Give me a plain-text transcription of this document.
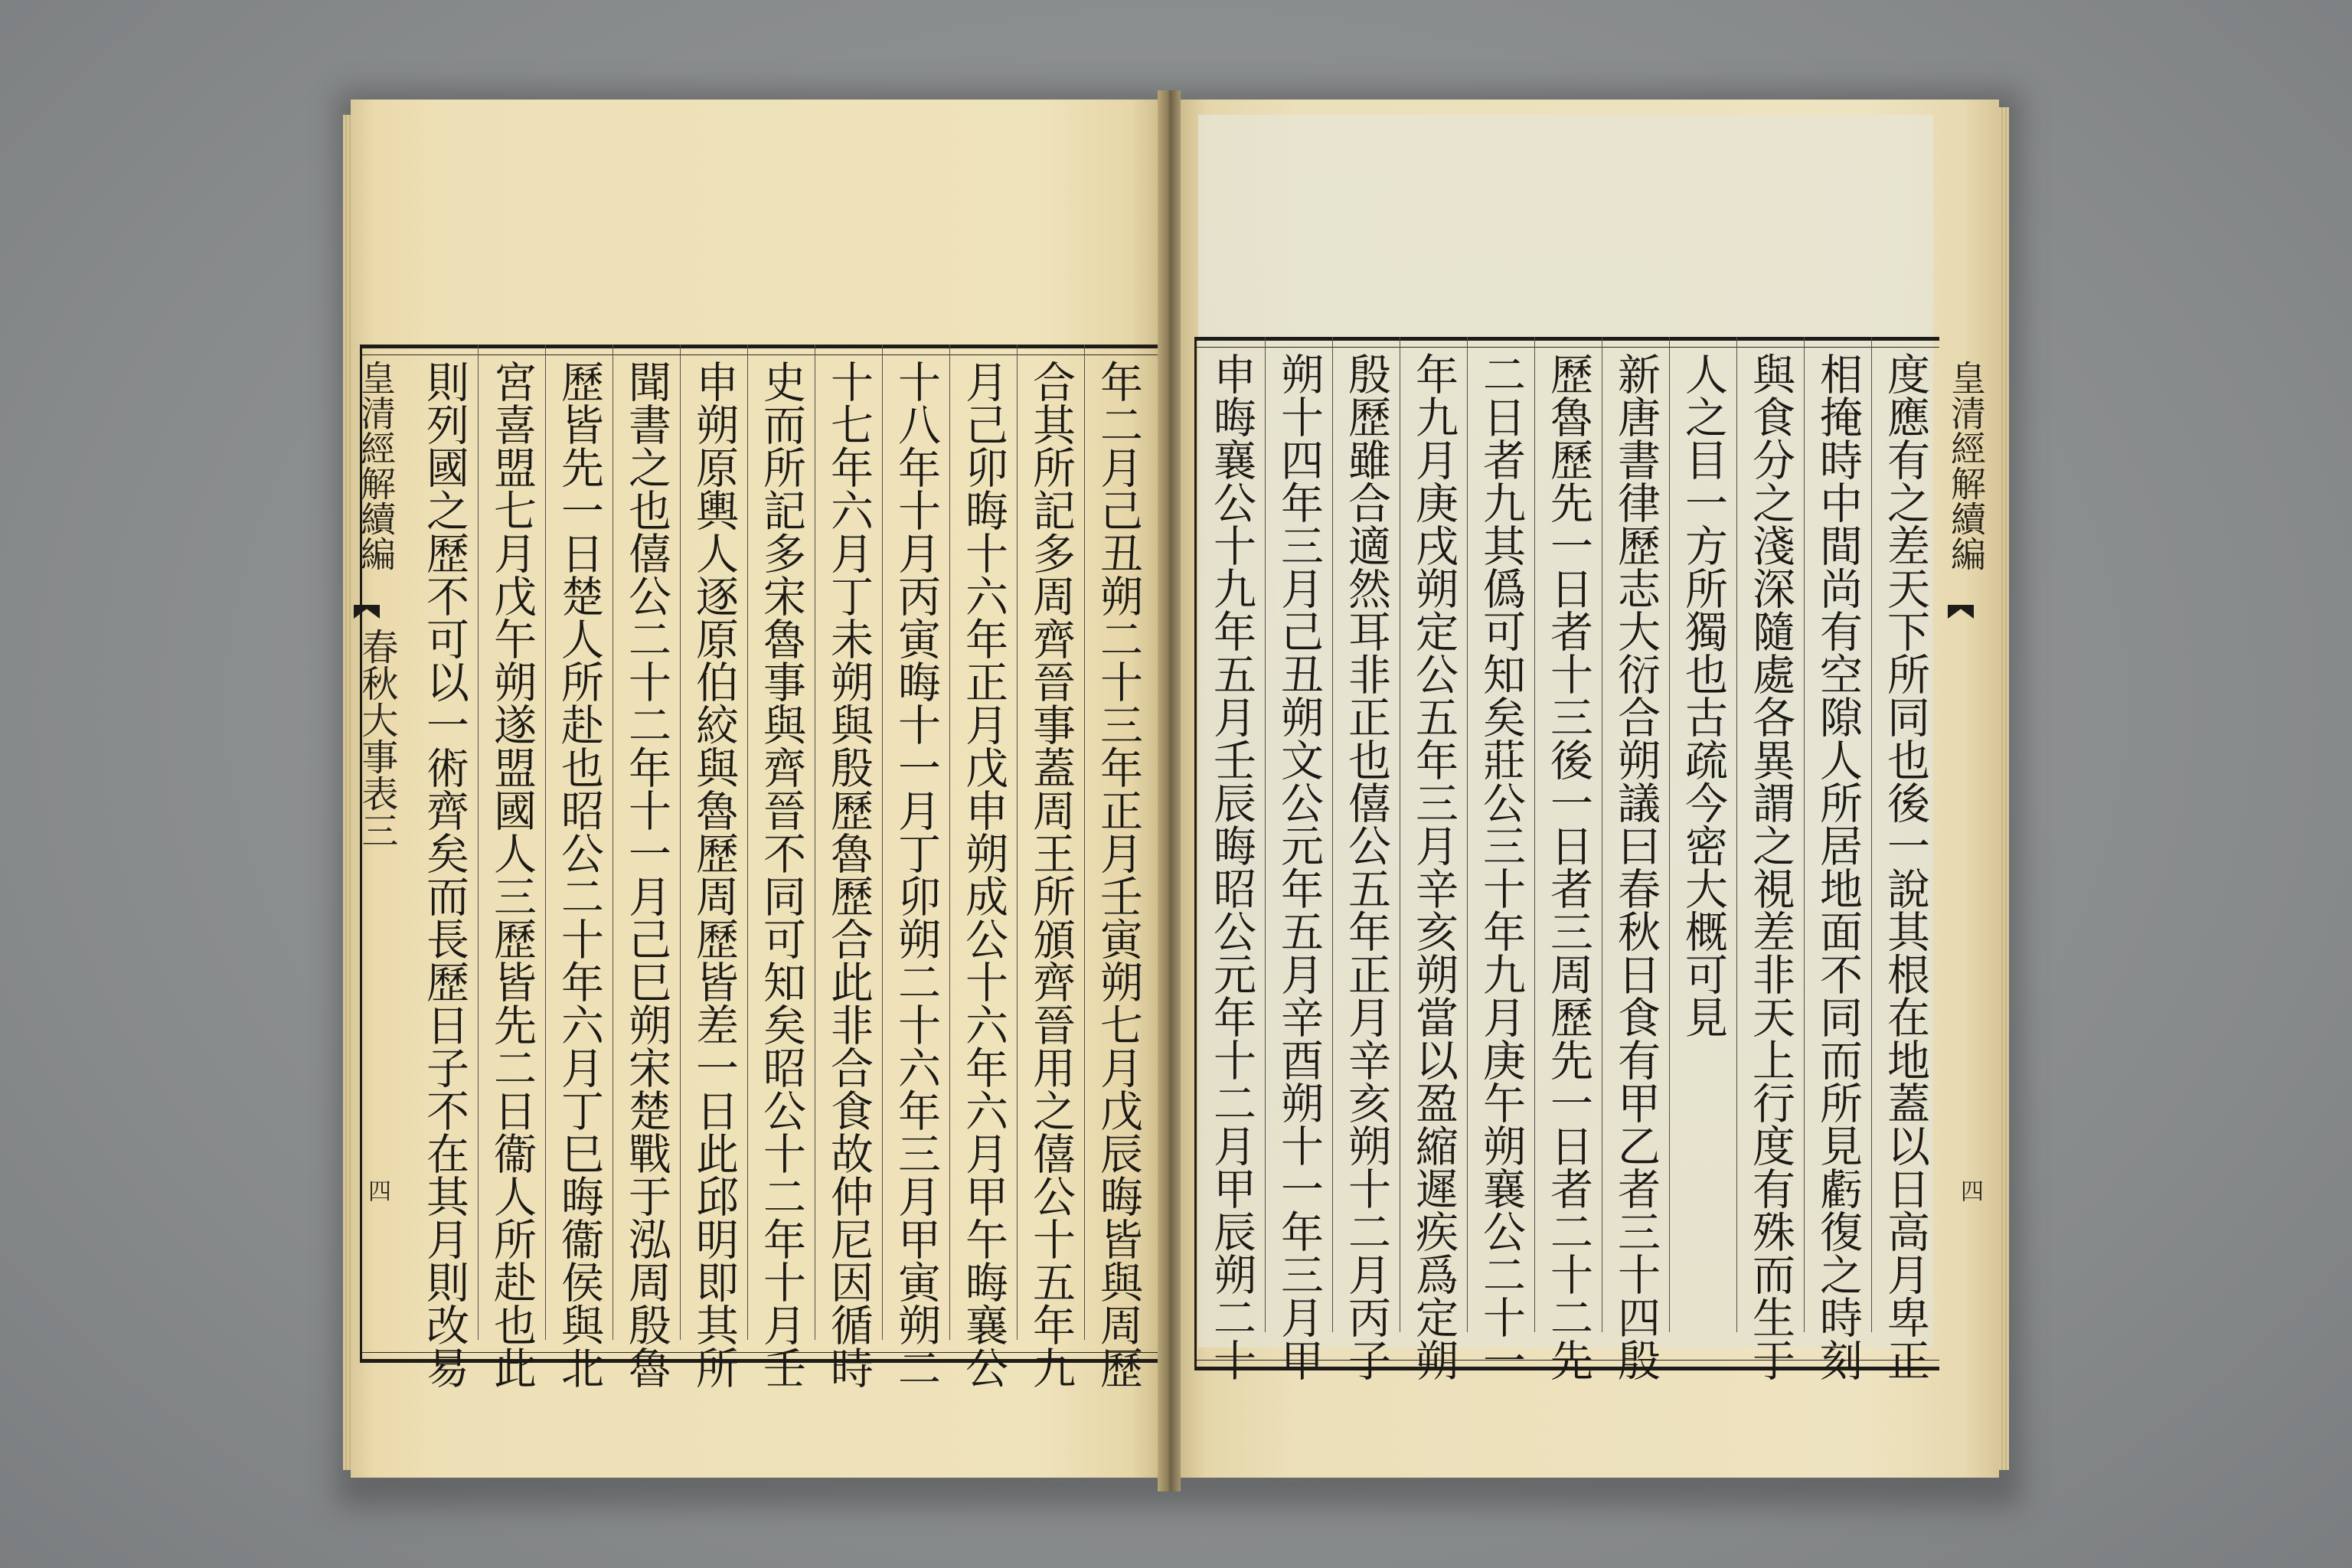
皇清經解續編
春秋大事表三
四
皇清經解續編
四
年二月己丑朔二十三年正月壬寅朔七月戊辰晦皆與周歷
合其所記多周齊晉事蓋周王所頒齊晉用之僖公十五年九
月己卯晦十六年正月戊申朔成公十六年六月甲午晦襄公
十八年十月丙寅晦十一月丁卯朔二十六年三月甲寅朔二
十七年六月丁未朔與殷歷魯歷合此非合食故仲尼因循時
史而所記多宋魯事與齊晉不同可知矣昭公十二年十月壬
申朔原輿人逐原伯絞與魯歷周歷皆差一日此邱明即其所
聞書之也僖公二十二年十一月己巳朔宋楚戰于泓周殷魯
歷皆先一日楚人所赴也昭公二十年六月丁巳晦衞侯與北
宮喜盟七月戊午朔遂盟國人三歷皆先二日衞人所赴也此
則列國之歷不可以一術齊矣而長歷日子不在其月則改易	度應有之差天下所同也後一說其根在地蓋以日高月卑正
相掩時中間尚有空隙人所居地面不同而所見虧復之時刻
與食分之淺深隨處各異謂之視差非天上行度有殊而生于
人之目一方所獨也古疏今密大概可見
新唐書律歷志大衍合朔議曰春秋日食有甲乙者三十四殷
歷魯歷先一日者十三後一日者三周歷先一日者二十二先
二日者九其僞可知矣莊公三十年九月庚午朔襄公二十一
年九月庚戌朔定公五年三月辛亥朔當以盈縮遲疾爲定朔
殷歷雖合適然耳非正也僖公五年正月辛亥朔十二月丙子
朔十四年三月己丑朔文公元年五月辛酉朔十一年三月甲
申晦襄公十九年五月壬辰晦昭公元年十二月甲辰朔二十
